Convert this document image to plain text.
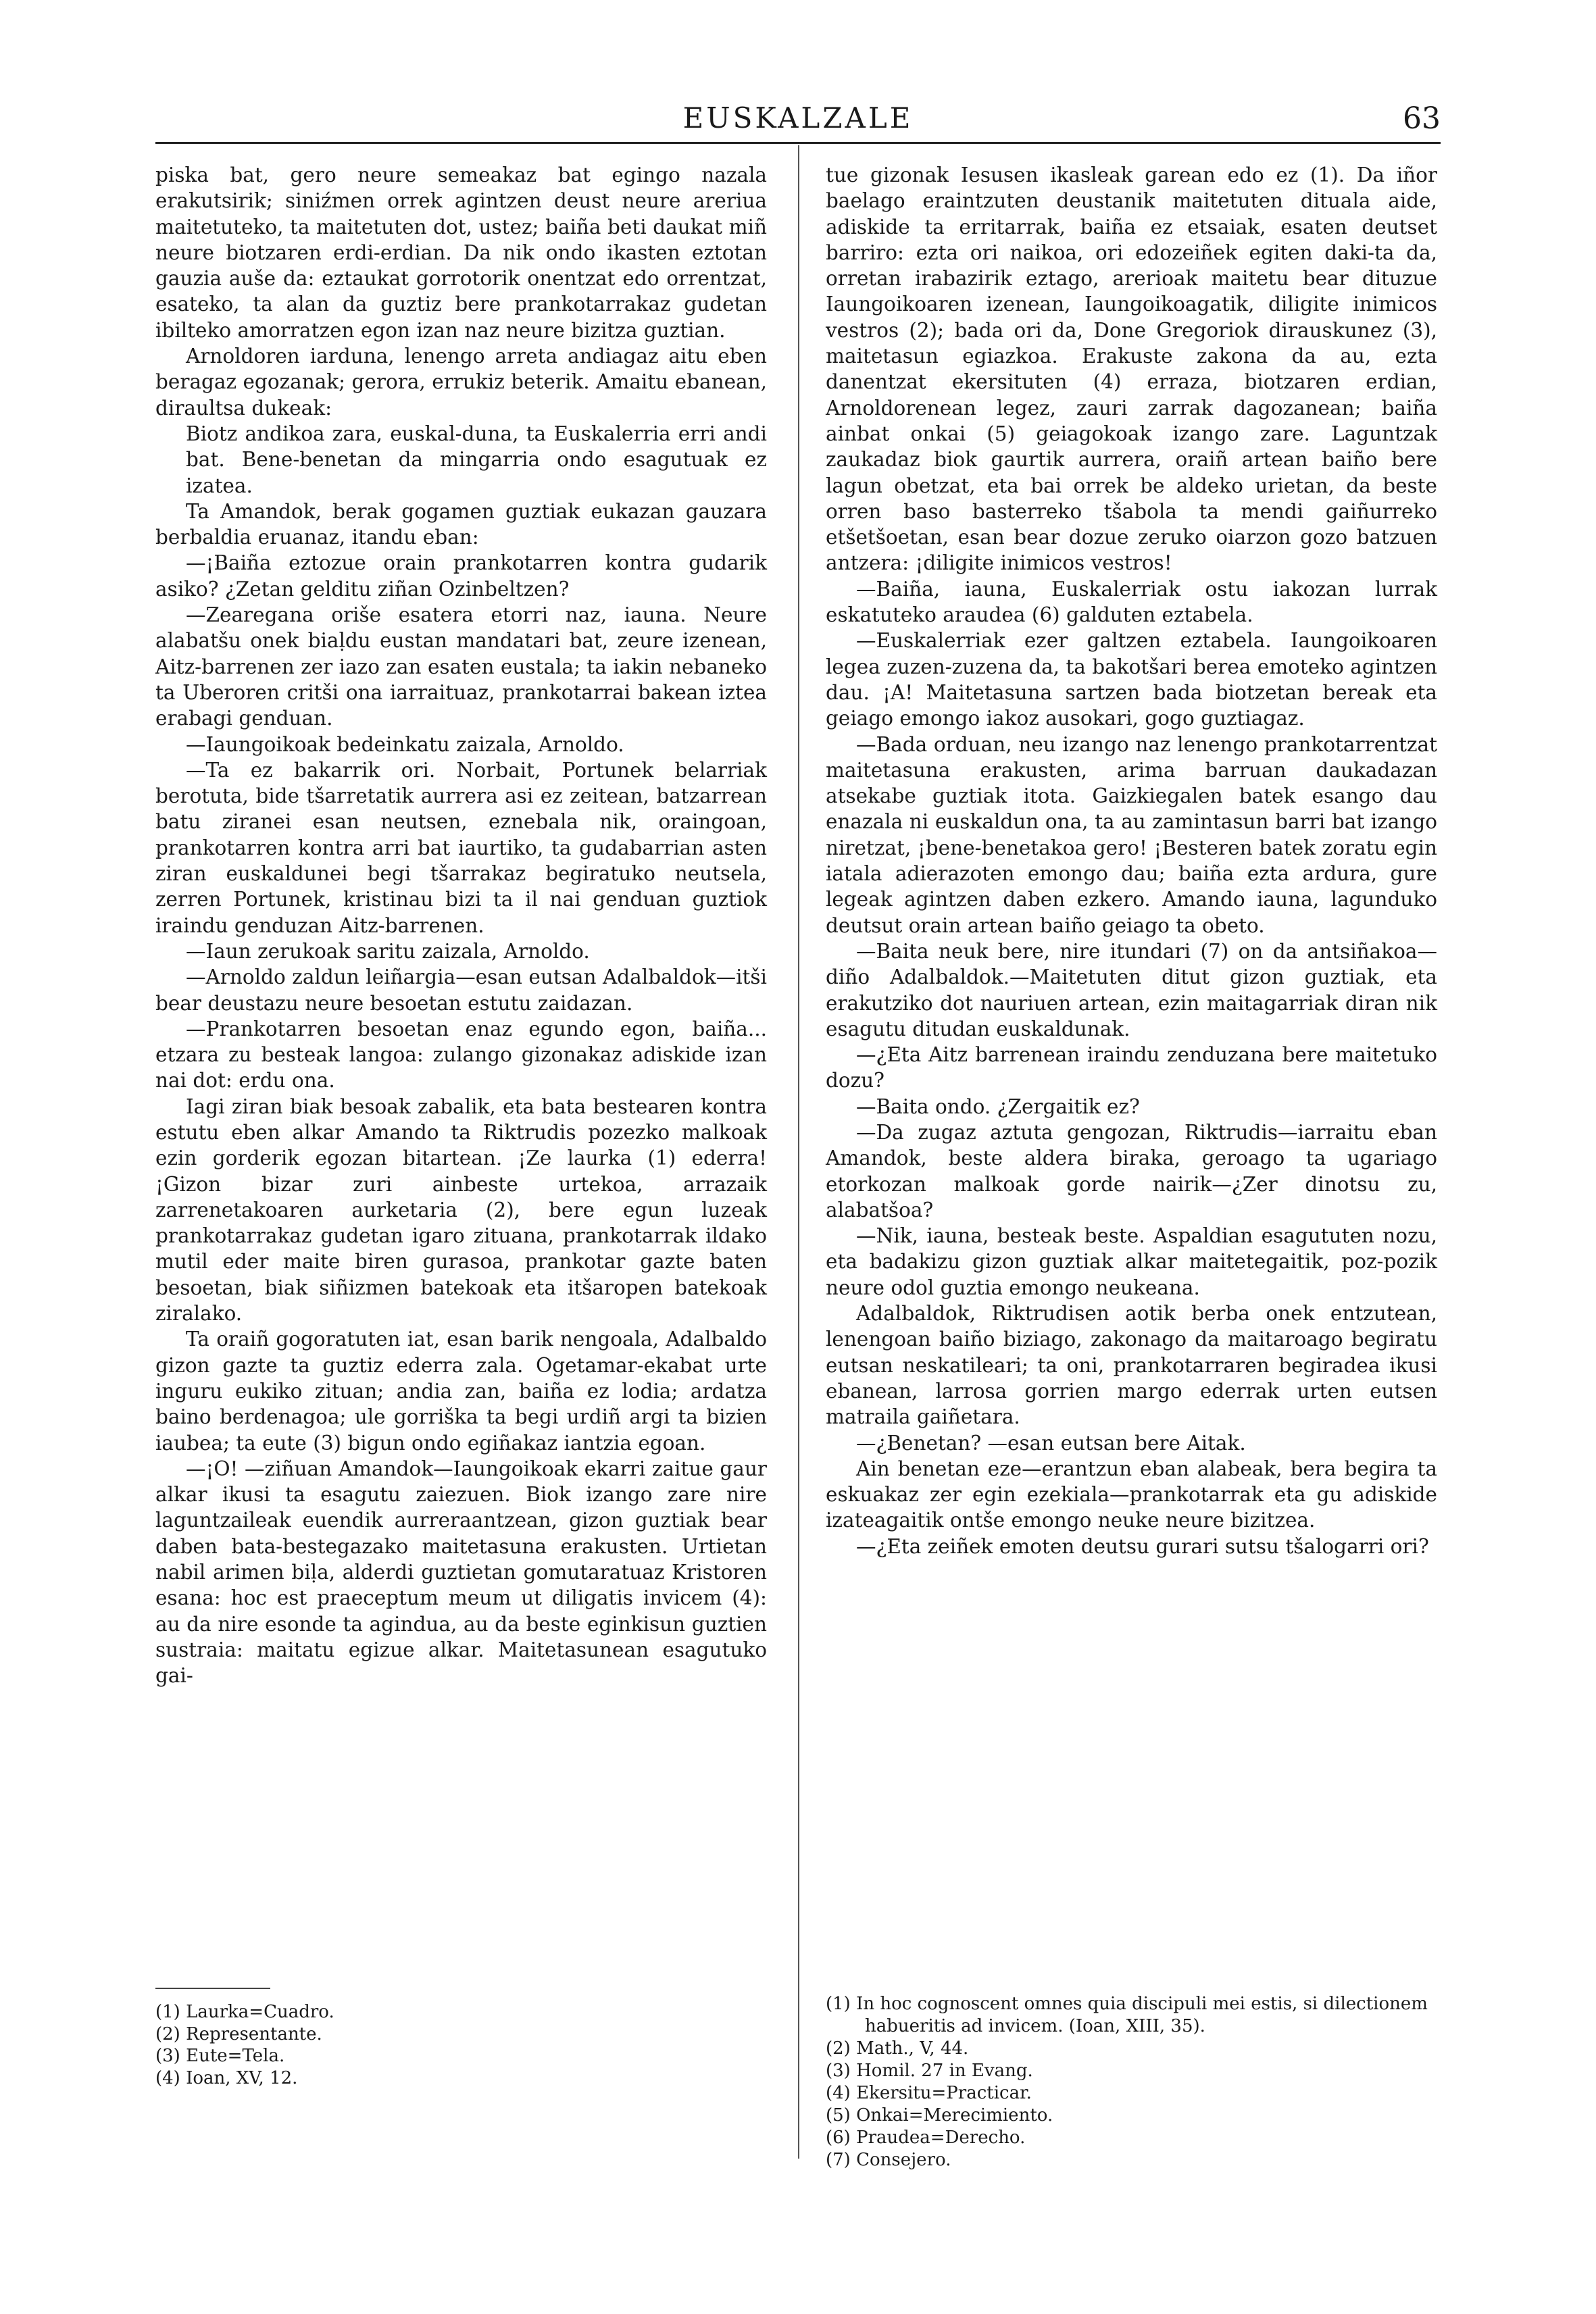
EUSKALZALE	63

piska bat, gero neure semeakaz bat egingo nazala erakutsirik; siniźmen orrek agintzen deust neure areriua maitetuteko, ta maitetuten dot, ustez; baiña beti daukat miñ neure biotzaren erdi-erdian. Da nik ondo ikasten eztotan gauzia auše da: eztaukat gorrotorik onentzat edo orrentzat, esateko, ta alan da guztiz bere prankotarrakaz gudetan ibilteko amorratzen egon izan naz neure bizitza guztian.

Arnoldoren iarduna, lenengo arreta andiagaz aitu eben beragaz egozanak; gerora, errukiz beterik. Amaitu ebanean, diraultsa dukeak:

Biotz andikoa zara, euskal-duna, ta Euskalerria erri andi bat. Bene-benetan da mingarria ondo esagutuak ez izatea.

Ta Amandok, berak gogamen guztiak eukazan gauzara berbaldia eruanaz, itandu eban:

—¡Baiña eztozue orain prankotarren kontra gudarik asiko? ¿Zetan gelditu ziñan Ozinbeltzen?

—Zearegana oriše esatera etorri naz, iauna. Neure alabatšu onek biaḷdu eustan mandatari bat, zeure izenean, Aitz-barrenen zer iazo zan esaten eustala; ta iakin nebaneko ta Uberoren critši ona iarraituaz, prankotarrai bakean iztea erabagi genduan.

—Iaungoikoak bedeinkatu zaizala, Arnoldo.

—Ta ez bakarrik ori. Norbait, Portunek belarriak berotuta, bide tšarretatik aurrera asi ez zeitean, batzarrean batu ziranei esan neutsen, eznebala nik, oraingoan, prankotarren kontra arri bat iaurtiko, ta gudabarrian asten ziran euskaldunei begi tšarrakaz begiratuko neutsela, zerren Portunek, kristinau bizi ta il nai genduan guztiok iraindu genduzan Aitz-barrenen.

—Iaun zerukoak saritu zaizala, Arnoldo.

—Arnoldo zaldun leiñargia—esan eutsan Adalbaldok—itši bear deustazu neure besoetan estutu zaidazan.

—Prankotarren besoetan enaz egundo egon, baiña... etzara zu besteak langoa: zulango gizonakaz adiskide izan nai dot: erdu ona.

Iagi ziran biak besoak zabalik, eta bata bestearen kontra estutu eben alkar Amando ta Riktrudis pozezko malkoak ezin gorderik egozan bitartean. ¡Ze laurka (1) ederra! ¡Gizon bizar zuri ainbeste urtekoa, arrazaik zarrenetakoaren aurketaria (2), bere egun luzeak prankotarrakaz gudetan igaro zituana, prankotarrak ildako mutil eder maite biren gurasoa, prankotar gazte baten besoetan, biak siñizmen batekoak eta itšaropen batekoak ziralako.

Ta oraiñ gogoratuten iat, esan barik nengoala, Adalbaldo gizon gazte ta guztiz ederra zala. Ogetamar-ekabat urte inguru eukiko zituan; andia zan, baiña ez lodia; ardatza baino berdenagoa; ule gorriška ta begi urdiñ argi ta bizien iaubea; ta eute (3) bigun ondo egiñakaz iantzia egoan.

—¡O! —ziñuan Amandok—Iaungoikoak ekarri zaitue gaur alkar ikusi ta esagutu zaiezuen. Biok izango zare nire laguntzaileak euendik aurreraantzean, gizon guztiak bear daben bata-bestegazako maitetasuna erakusten. Urtietan nabil arimen biḷa, alderdi guztietan gomutaratuaz Kristoren esana: hoc est praeceptum meum ut diligatis invicem (4): au da nire esonde ta agindua, au da beste eginkisun guztien sustraia: maitatu egizue alkar. Maitetasunean esagutuko gai-

tue gizonak Iesusen ikasleak garean edo ez (1). Da iñor baelago eraintzuten deustanik maitetuten dituala aide, adiskide ta erritarrak, baiña ez etsaiak, esaten deutset barriro: ezta ori naikoa, ori edozeiñek egiten daki-ta da, orretan irabazirik eztago, arerioak maitetu bear dituzue Iaungoikoaren izenean, Iaungoikoagatik, diligite inimicos vestros (2); bada ori da, Done Gregoriok dirauskunez (3), maitetasun egiazkoa. Erakuste zakona da au, ezta danentzat ekersituten (4) erraza, biotzaren erdian, Arnoldorenean legez, zauri zarrak dagozanean; baiña ainbat onkai (5) geiagokoak izango zare. Laguntzak zaukadaz biok gaurtik aurrera, oraiñ artean baiño bere lagun obetzat, eta bai orrek be aldeko urietan, da beste orren baso basterreko tšabola ta mendi gaiñurreko etšetšoetan, esan bear dozue zeruko oiarzon gozo batzuen antzera: ¡diligite inimicos vestros!

—Baiña, iauna, Euskalerriak ostu iakozan lurrak eskatuteko araudea (6) galduten eztabela.

—Euskalerriak ezer galtzen eztabela. Iaungoikoaren legea zuzen-zuzena da, ta bakotšari berea emoteko agintzen dau. ¡A! Maitetasuna sartzen bada biotzetan bereak eta geiago emongo iakoz ausokari, gogo guztiagaz.

—Bada orduan, neu izango naz lenengo prankotarrentzat maitetasuna erakusten, arima barruan daukadazan atsekabe guztiak itota. Gaizkiegalen batek esango dau enazala ni euskaldun ona, ta au zamintasun barri bat izango niretzat, ¡bene-benetakoa gero! ¡Besteren batek zoratu egin iatala adierazoten emongo dau; baiña ezta ardura, gure legeak agintzen daben ezkero. Amando iauna, lagunduko deutsut orain artean baiño geiago ta obeto.

—Baita neuk bere, nire itundari (7) on da antsiñakoa—diño Adalbaldok.—Maitetuten ditut gizon guztiak, eta erakutziko dot nauriuen artean, ezin maitagarriak diran nik esagutu ditudan euskaldunak.

—¿Eta Aitz barrenean iraindu zenduzana bere maitetuko dozu?

—Baita ondo. ¿Zergaitik ez?

—Da zugaz aztuta gengozan, Riktrudis—iarraitu eban Amandok, beste aldera biraka, geroago ta ugariago etorkozan malkoak gorde nairik—¿Zer dinotsu zu, alabatšoa?

—Nik, iauna, besteak beste. Aspaldian esagututen nozu, eta badakizu gizon guztiak alkar maitetegaitik, poz-pozik neure odol guztia emongo neukeana.

Adalbaldok, Riktrudisen aotik berba onek entzutean, lenengoan baiño biziago, zakonago da maitaroago begiratu eutsan neskatileari; ta oni, prankotarraren begiradea ikusi ebanean, larrosa gorrien margo ederrak urten eutsen matraila gaiñetara.

—¿Benetan? —esan eutsan bere Aitak.

Ain benetan eze—erantzun eban alabeak, bera begira ta eskuakaz zer egin ezekiala—prankotarrak eta gu adiskide izateagaitik ontše emongo neuke neure bizitzea.

—¿Eta zeiñek emoten deutsu gurari sutsu tšalogarri ori?

(1) Laurka=Cuadro.

(2) Representante.

(3) Eute=Tela.

(4) Ioan, XV, 12.

(1) In hoc cognoscent omnes quia discipuli mei estis, si dilectionem habueritis ad invicem. (Ioan, XIII, 35).

(2) Math., V, 44.

(3) Homil. 27 in Evang.

(4) Ekersitu=Practicar.

(5) Onkai=Merecimiento.

(6) Praudea=Derecho.

(7) Consejero.
